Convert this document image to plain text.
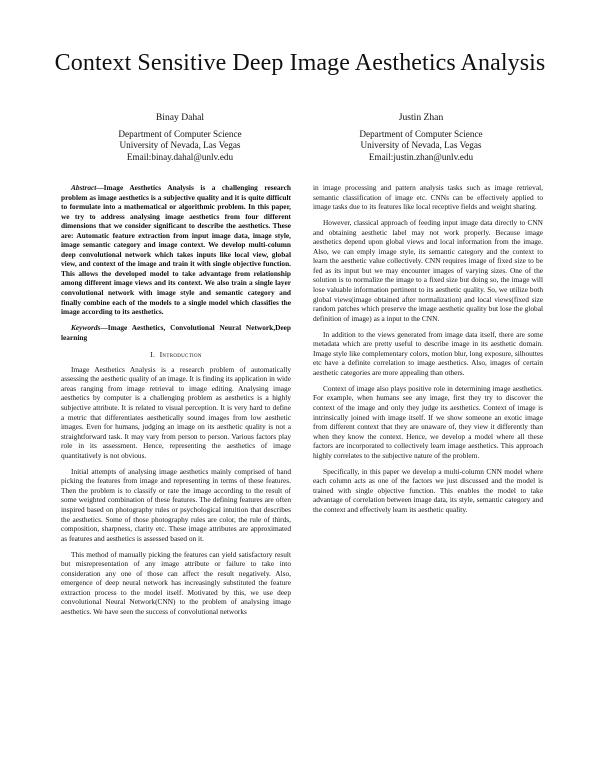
Context Sensitive Deep Image Aesthetics Analysis
Binay Dahal
Department of Computer Science
University of Nevada, Las Vegas
Email:binay.dahal@unlv.edu
Justin Zhan
Department of Computer Science
University of Nevada, Las Vegas
Email:justin.zhan@unlv.edu

Abstract—Image Aesthetics Analysis is a challenging research problem as image aesthetics is a subjective quality and it is quite difficult to formulate into a mathematical or algorithmic problem. In this paper, we try to address analysing image aesthetics from four different dimensions that we consider significant to describe the aesthetics. These are: Automatic feature extraction from input image data, image style, image semantic category and image context. We develop multi-column deep convolutional network which takes inputs like local view, global view, and context of the image and train it with single objective function. This allows the developed model to take advantage from relationship among different image views and its context. We also train a single layer convolutional network with image style and semantic category and finally combine each of the models to a single model which classifies the image according to its aesthetics.

Keywords—Image Aesthetics, Convolutional Neural Network,Deep learning

I. Introduction

Image Aesthetics Analysis is a research problem of automatically assessing the aesthetic quality of an image. It is finding its application in wide areas ranging from image retrieval to image editing. Analysing image aesthetics by computer is a challenging problem as aesthetics is a highly subjective attribute. It is related to visual perception. It is very hard to define a metric that differentiates aesthetically sound images from low aesthetic images. Even for humans, judging an image on its aesthetic quality is not a straightforward task. It may vary from person to person. Various factors play role in its assessment. Hence, representing the aesthetics of image quantitatively is not obvious.

Initial attempts of analysing image aesthetics mainly comprised of hand picking the features from image and representing in terms of these features. Then the problem is to classify or rate the image according to the result of some weighted combination of these features. The defining features are often inspired based on photography rules or psychological intuition that describes the aesthetics. Some of those photography rules are color, the rule of thirds, composition, sharpness, clarity etc. These image attributes are approximated as features and aesthetics is assessed based on it.

This method of manually picking the features can yield satisfactory result but misrepresentation of any image attribute or failure to take into consideration any one of those can affect the result negatively. Also, emergence of deep neural network has increasingly substituted the feature extraction process to the model itself. Motivated by this, we use deep convolutional Neural Network(CNN) to the problem of analysing image aesthetics. We have seen the success of convolutional networks

in image processing and pattern analysis tasks such as image retrieval, semantic classification of image etc. CNNs can be effectively applied to image tasks due to its features like local receptive fields and weight sharing.

However, classical approach of feeding input image data directly to CNN and obtaining aesthetic label may not work properly. Because image aesthetics depend upon global views and local information from the image. Also, we can emply image style, its semantic category and the context to learn the aesthetic value collectively. CNN requires image of fixed size to be fed as its input but we may encounter images of varying sizes. One of the solution is to normalize the image to a fixed size but doing so, the image will lose valuable information pertinent to its aesthetic quality. So, we utilize both global views(image obtained after normalization) and local views(fixed size random patches which preserve the image aesthetic quality but lose the global definition of image) as a input to the CNN.

In addition to the views generated from image data itself, there are some metadata which are pretty useful to describe image in its aesthetic domain. Image style like complementary colors, motion blur, long exposure, silhouttes etc have a definite correlation to image aesthetics. Also, images of certain aesthetic categories are more appealing than others.

Context of image also plays positive role in determining image aesthetics. For example, when humans see any image, first they try to discover the context of the image and only they judge its aesthetics. Context of image is intrinsically joined with image itself. If we show someone an exotic image from different context that they are unaware of, they view it differently than when they know the context. Hence, we develop a model where all these factors are incorporated to collectively learn image aesthetics. This approach highly correlates to the subjective nature of the problem.

Specifically, in this paper we develop a multi-column CNN model where each column acts as one of the factors we just discussed and the model is trained with single objective function. This enables the model to take advantage of correlation between image data, its style, semantic category and the context and effectively learn its aesthetic quality.
